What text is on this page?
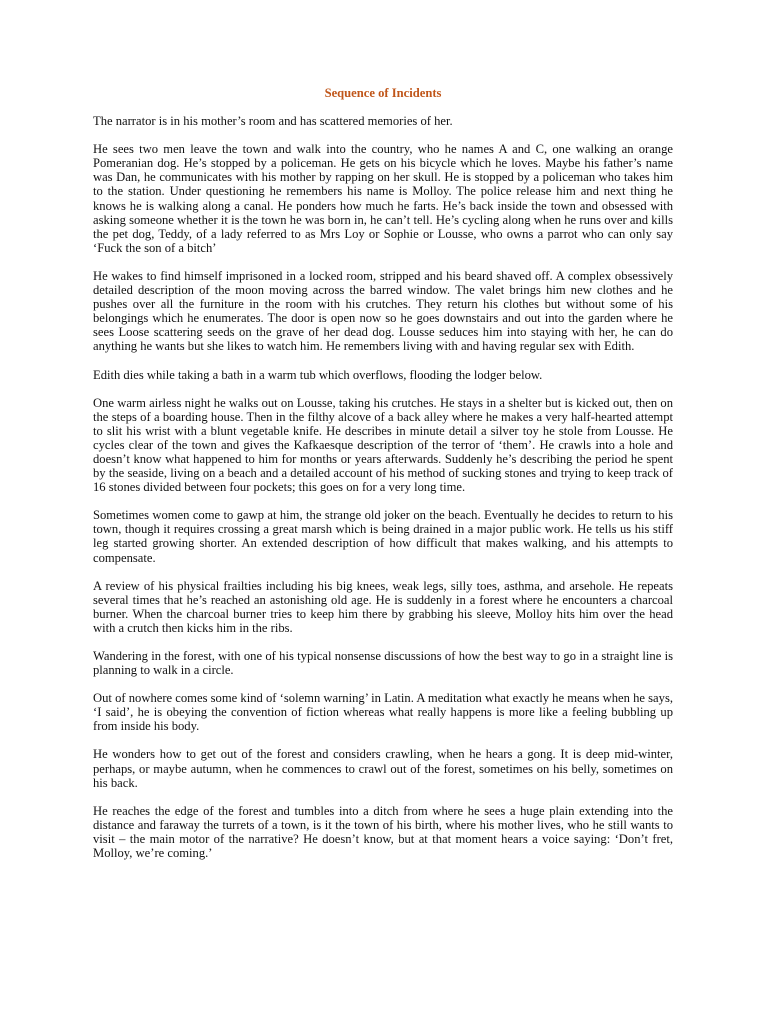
Sequence of Incidents

The narrator is in his mother’s room and has scattered memories of her.

He sees two men leave the town and walk into the country, who he names A and C, one walking an orange Pomeranian dog. He’s stopped by a policeman. He gets on his bicycle which he loves. Maybe his father’s name was Dan, he communicates with his mother by rapping on her skull. He is stopped by a policeman who takes him to the station. Under questioning he remembers his name is Molloy. The police release him and next thing he knows he is walking along a canal. He ponders how much he farts. He’s back inside the town and obsessed with asking someone whether it is the town he was born in, he can’t tell. He’s cycling along when he runs over and kills the pet dog, Teddy, of a lady referred to as Mrs Loy or Sophie or Lousse, who owns a parrot who can only say ‘Fuck the son of a bitch’

He wakes to find himself imprisoned in a locked room, stripped and his beard shaved off. A complex obsessively detailed description of the moon moving across the barred window. The valet brings him new clothes and he pushes over all the furniture in the room with his crutches. They return his clothes but without some of his belongings which he enumerates. The door is open now so he goes downstairs and out into the garden where he sees Loose scattering seeds on the grave of her dead dog. Lousse seduces him into staying with her, he can do anything he wants but she likes to watch him. He remembers living with and having regular sex with Edith.

Edith dies while taking a bath in a warm tub which overflows, flooding the lodger below.

One warm airless night he walks out on Lousse, taking his crutches. He stays in a shelter but is kicked out, then on the steps of a boarding house. Then in the filthy alcove of a back alley where he makes a very half-hearted attempt to slit his wrist with a blunt vegetable knife. He describes in minute detail a silver toy he stole from Lousse. He cycles clear of the town and gives the Kafkaesque description of the terror of ‘them’. He crawls into a hole and doesn’t know what happened to him for months or years afterwards. Suddenly he’s describing the period he spent by the seaside, living on a beach and a detailed account of his method of sucking stones and trying to keep track of 16 stones divided between four pockets; this goes on for a very long time.

Sometimes women come to gawp at him, the strange old joker on the beach. Eventually he decides to return to his town, though it requires crossing a great marsh which is being drained in a major public work. He tells us his stiff leg started growing shorter. An extended description of how difficult that makes walking, and his attempts to compensate.

A review of his physical frailties including his big knees, weak legs, silly toes, asthma, and arsehole. He repeats several times that he’s reached an astonishing old age. He is suddenly in a forest where he encounters a charcoal burner. When the charcoal burner tries to keep him there by grabbing his sleeve, Molloy hits him over the head with a crutch then kicks him in the ribs.

Wandering in the forest, with one of his typical nonsense discussions of how the best way to go in a straight line is planning to walk in a circle.

Out of nowhere comes some kind of ‘solemn warning’ in Latin. A meditation what exactly he means when he says, ‘I said’, he is obeying the convention of fiction whereas what really happens is more like a feeling bubbling up from inside his body.

He wonders how to get out of the forest and considers crawling, when he hears a gong. It is deep mid-winter, perhaps, or maybe autumn, when he commences to crawl out of the forest, sometimes on his belly, sometimes on his back.

He reaches the edge of the forest and tumbles into a ditch from where he sees a huge plain extending into the distance and faraway the turrets of a town, is it the town of his birth, where his mother lives, who he still wants to visit – the main motor of the narrative? He doesn’t know, but at that moment hears a voice saying: ‘Don’t fret, Molloy, we’re coming.’
